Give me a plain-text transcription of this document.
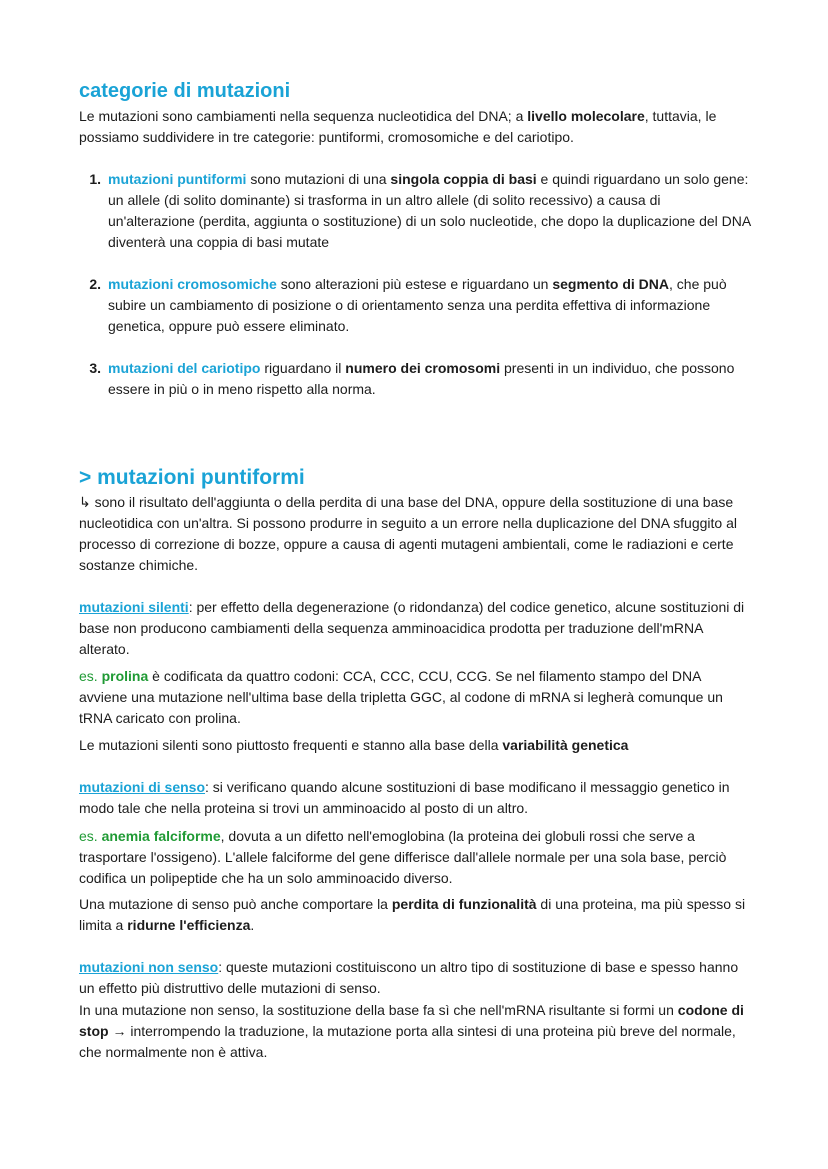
categorie di mutazioni

Le mutazioni sono cambiamenti nella sequenza nucleotidica del DNA; a livello molecolare, tuttavia, le possiamo suddividere in tre categorie: puntiformi, cromosomiche e del cariotipo.

1. mutazioni puntiformi sono mutazioni di una singola coppia di basi e quindi riguardano un solo gene: un allele (di solito dominante) si trasforma in un altro allele (di solito recessivo) a causa di un'alterazione (perdita, aggiunta o sostituzione) di un solo nucleotide, che dopo la duplicazione del DNA diventerà una coppia di basi mutate

2. mutazioni cromosomiche sono alterazioni più estese e riguardano un segmento di DNA, che può subire un cambiamento di posizione o di orientamento senza una perdita effettiva di informazione genetica, oppure può essere eliminato.

3. mutazioni del cariotipo riguardano il numero dei cromosomi presenti in un individuo, che possono essere in più o in meno rispetto alla norma.

> mutazioni puntiformi

↳ sono il risultato dell'aggiunta o della perdita di una base del DNA, oppure della sostituzione di una base nucleotidica con un'altra. Si possono produrre in seguito a un errore nella duplicazione del DNA sfuggito al processo di correzione di bozze, oppure a causa di agenti mutageni ambientali, come le radiazioni e certe sostanze chimiche.

mutazioni silenti: per effetto della degenerazione (o ridondanza) del codice genetico, alcune sostituzioni di base non producono cambiamenti della sequenza amminoacidica prodotta per traduzione dell'mRNA alterato.

es. prolina è codificata da quattro codoni: CCA, CCC, CCU, CCG. Se nel filamento stampo del DNA avviene una mutazione nell'ultima base della tripletta GGC, al codone di mRNA si legherà comunque un tRNA caricato con prolina.

Le mutazioni silenti sono piuttosto frequenti e stanno alla base della variabilità genetica

mutazioni di senso: si verificano quando alcune sostituzioni di base modificano il messaggio genetico in modo tale che nella proteina si trovi un amminoacido al posto di un altro.

es. anemia falciforme, dovuta a un difetto nell'emoglobina (la proteina dei globuli rossi che serve a trasportare l'ossigeno). L'allele falciforme del gene differisce dall'allele normale per una sola base, perciò codifica un polipeptide che ha un solo amminoacido diverso.

Una mutazione di senso può anche comportare la perdita di funzionalità di una proteina, ma più spesso si limita a ridurne l'efficienza.

mutazioni non senso: queste mutazioni costituiscono un altro tipo di sostituzione di base e spesso hanno un effetto più distruttivo delle mutazioni di senso.

In una mutazione non senso, la sostituzione della base fa sì che nell'mRNA risultante si formi un codone di stop → interrompendo la traduzione, la mutazione porta alla sintesi di una proteina più breve del normale, che normalmente non è attiva.
